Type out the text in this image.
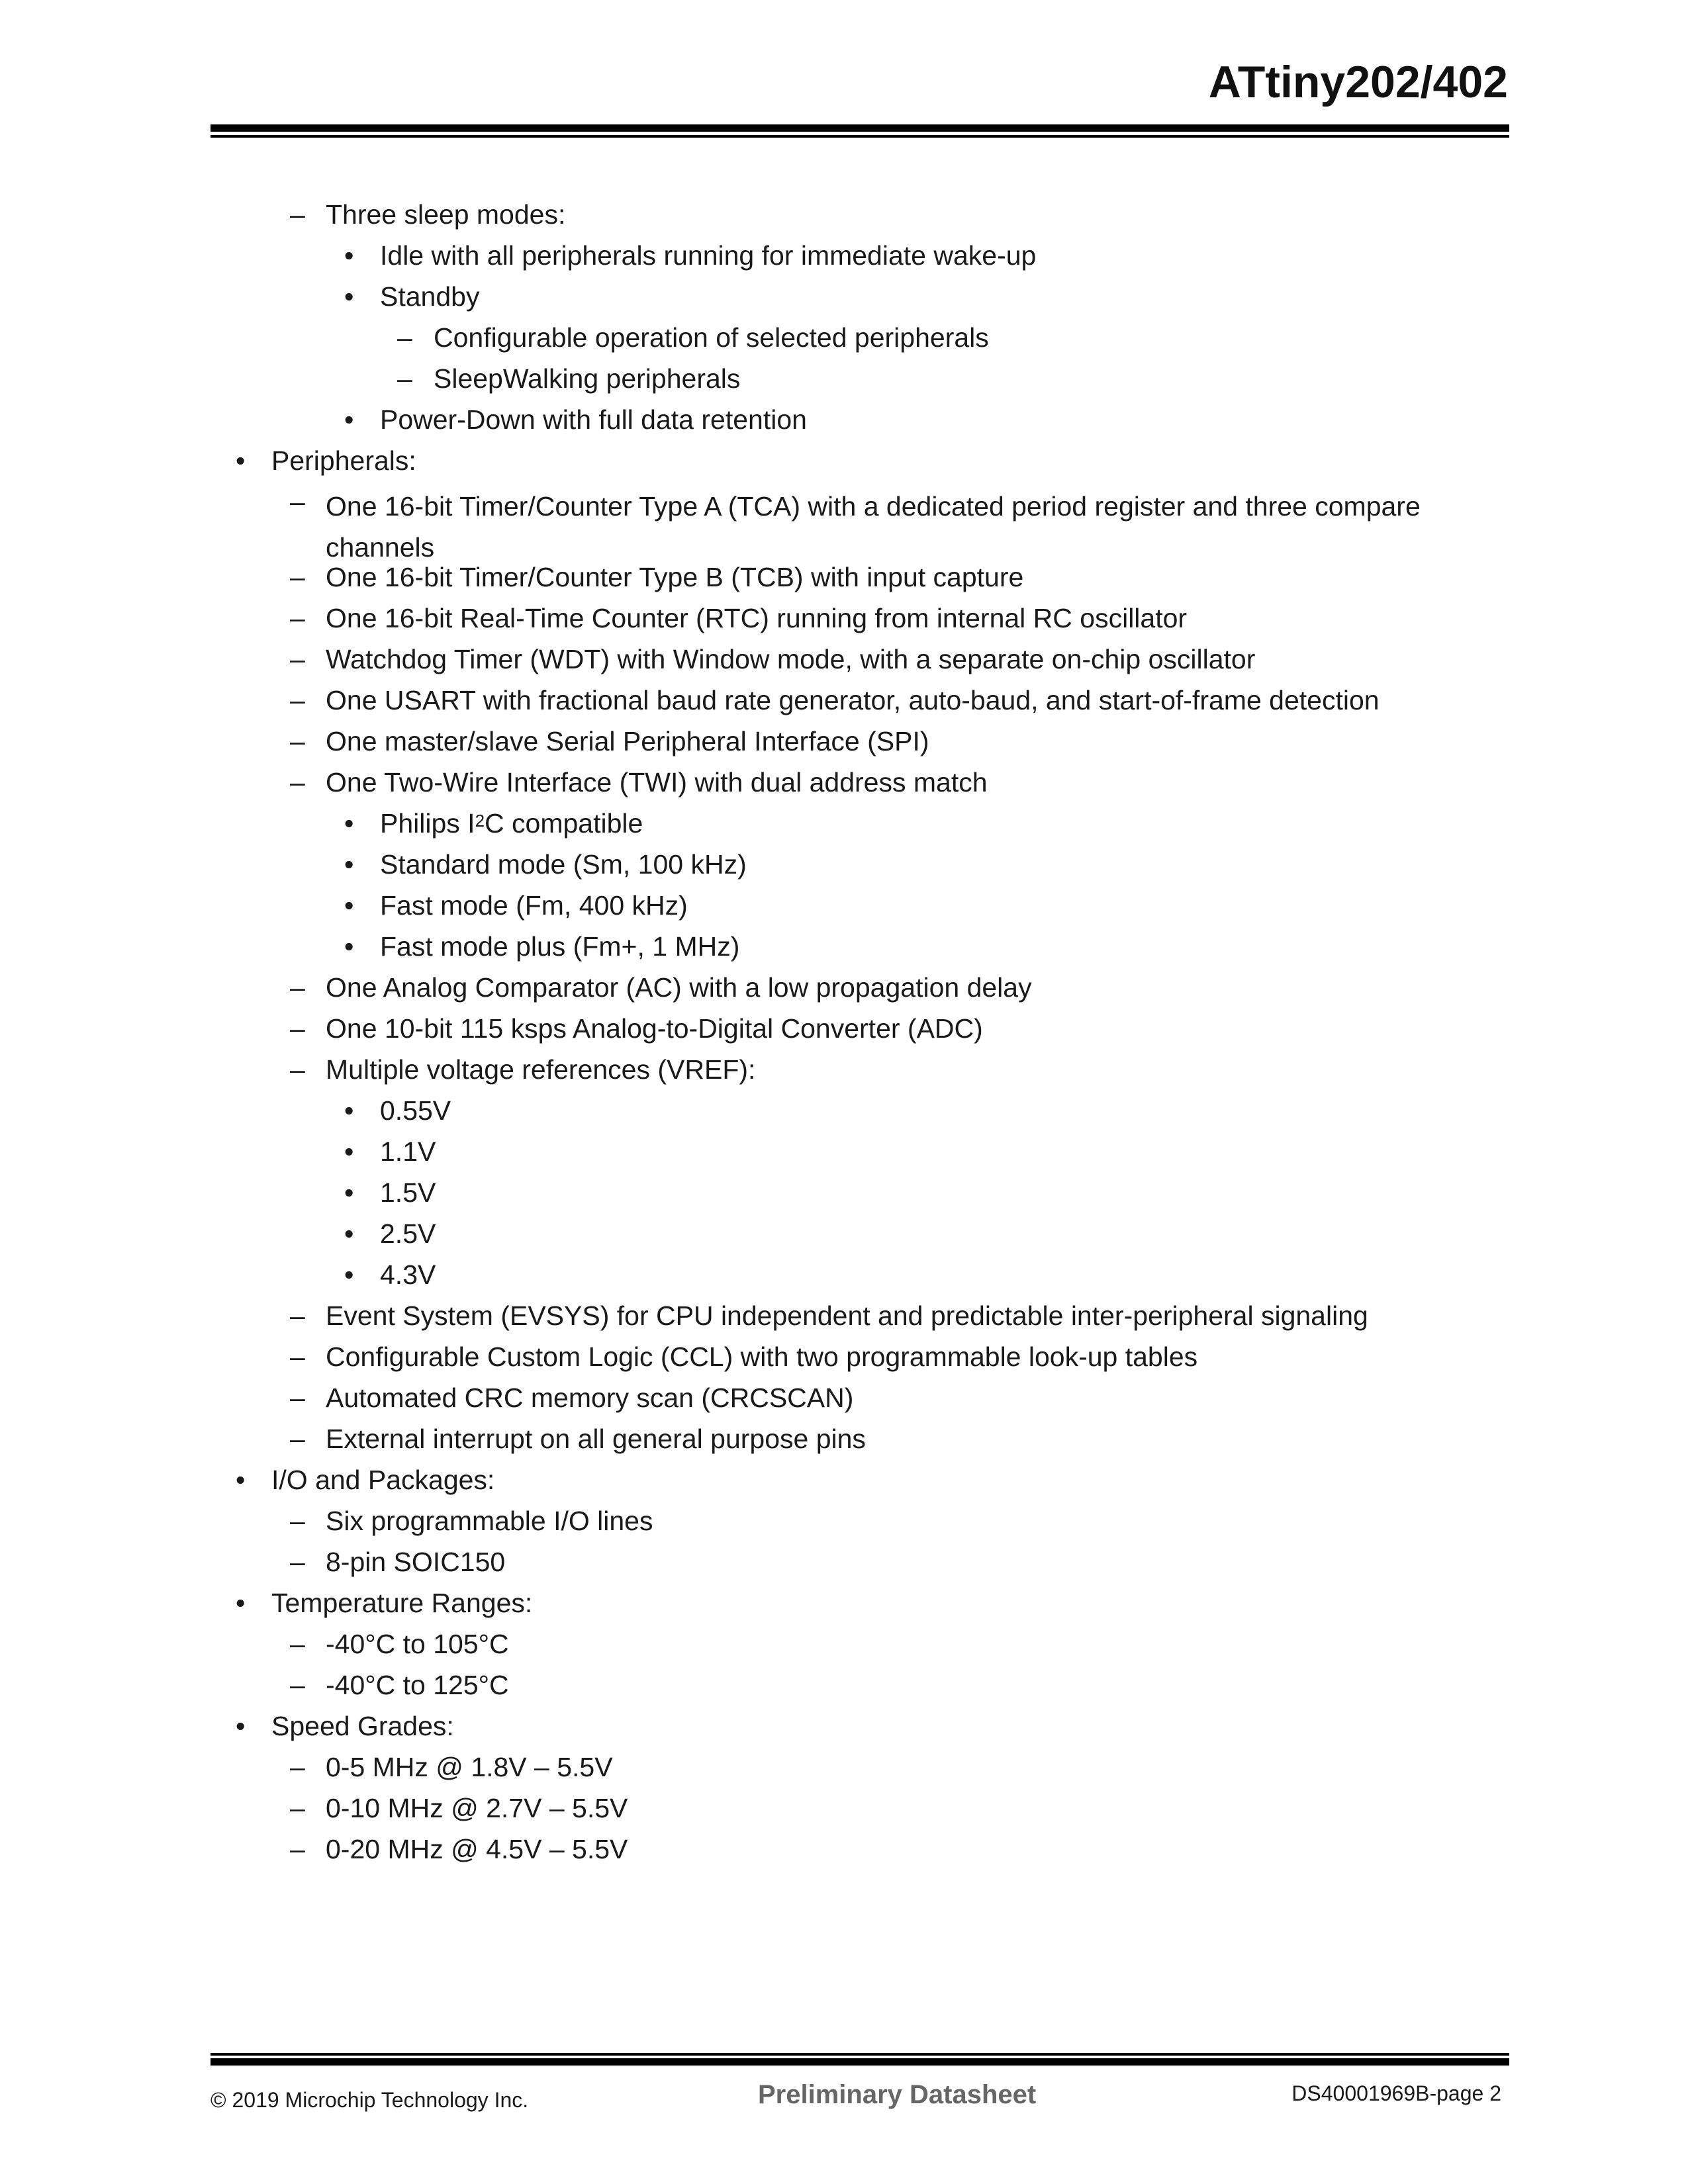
ATtiny202/402
– Three sleep modes:
• Idle with all peripherals running for immediate wake-up
• Standby
– Configurable operation of selected peripherals
– SleepWalking peripherals
• Power-Down with full data retention
• Peripherals:
– One 16-bit Timer/Counter Type A (TCA) with a dedicated period register and three compare channels
– One 16-bit Timer/Counter Type B (TCB) with input capture
– One 16-bit Real-Time Counter (RTC) running from internal RC oscillator
– Watchdog Timer (WDT) with Window mode, with a separate on-chip oscillator
– One USART with fractional baud rate generator, auto-baud, and start-of-frame detection
– One master/slave Serial Peripheral Interface (SPI)
– One Two-Wire Interface (TWI) with dual address match
• Philips $I^2C$ compatible
• Standard mode (Sm, 100 kHz)
• Fast mode (Fm, 400 kHz)
• Fast mode plus (Fm+, 1 MHz)
– One Analog Comparator (AC) with a low propagation delay
– One 10-bit 115 ksps Analog-to-Digital Converter (ADC)
– Multiple voltage references (VREF):
• 0.55V
• 1.1V
• 1.5V
• 2.5V
• 4.3V
– Event System (EVSYS) for CPU independent and predictable inter-peripheral signaling
– Configurable Custom Logic (CCL) with two programmable look-up tables
– Automated CRC memory scan (CRCSCAN)
– External interrupt on all general purpose pins
• I/O and Packages:
– Six programmable I/O lines
– 8-pin SOIC150
• Temperature Ranges:
– -40°C to 105°C
– -40°C to 125°C
• Speed Grades:
– 0-5 MHz @ 1.8V – 5.5V
– 0-10 MHz @ 2.7V – 5.5V
– 0-20 MHz @ 4.5V – 5.5V
© 2019 Microchip Technology Inc.	Preliminary Datasheet	DS40001969B-page 2
